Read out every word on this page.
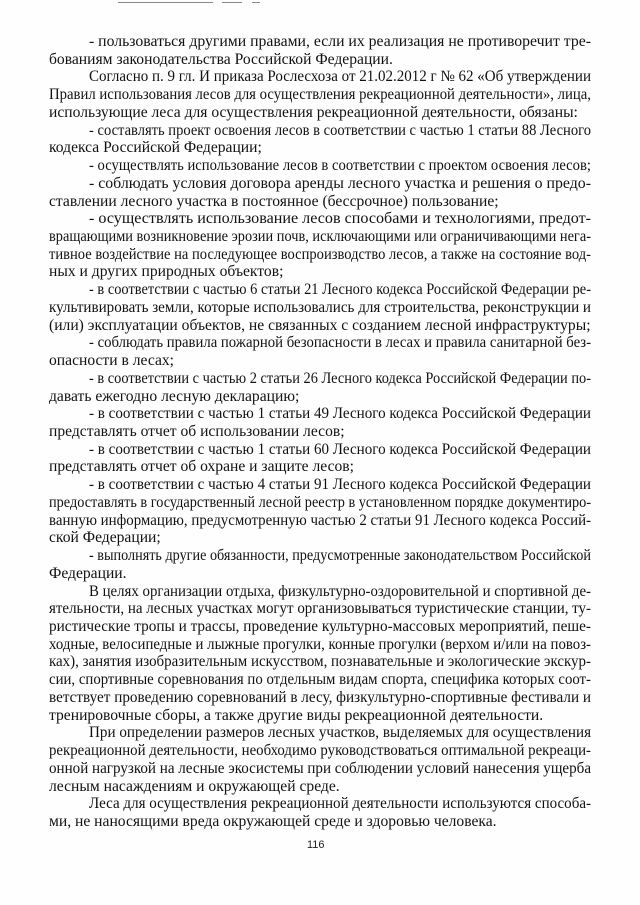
- пользоваться другими правами, если их реализация не противоречит тре-
бованиям законодательства Российской Федерации.
Согласно п. 9 гл. И приказа Рослесхоза от 21.02.2012 г № 62 «Об утверждении
Правил использования лесов для осуществления рекреационной деятельности», лица,
использующие леса для осуществления рекреационной деятельности, обязаны:
- составлять проект освоения лесов в соответствии с частью 1 статьи 88 Лесного
кодекса Российской Федерации;
- осуществлять использование лесов в соответствии с проектом освоения лесов;
- соблюдать условия договора аренды лесного участка и решения о предо-
ставлении лесного участка в постоянное (бессрочное) пользование;
- осуществлять использование лесов способами и технологиями, предот-
вращающими возникновение эрозии почв, исключающими или ограничивающими нега-
тивное воздействие на последующее воспроизводство лесов, а также на состояние вод-
ных и других природных объектов;
- в соответствии с частью 6 статьи 21 Лесного кодекса Российской Федерации ре-
культивировать земли, которые использовались для строительства, реконструкции и
(или) эксплуатации объектов, не связанных с созданием лесной инфраструктуры;
- соблюдать правила пожарной безопасности в лесах и правила санитарной без-
опасности в лесах;
- в соответствии с частью 2 статьи 26 Лесного кодекса Российской Федерации по-
давать ежегодно лесную декларацию;
- в соответствии с частью 1 статьи 49 Лесного кодекса Российской Федерации
представлять отчет об использовании лесов;
- в соответствии с частью 1 статьи 60 Лесного кодекса Российской Федерации
представлять отчет об охране и защите лесов;
- в соответствии с частью 4 статьи 91 Лесного кодекса Российской Федерации
предоставлять в государственный лесной реестр в установленном порядке документиро-
ванную информацию, предусмотренную частью 2 статьи 91 Лесного кодекса Россий-
ской Федерации;
- выполнять другие обязанности, предусмотренные законодательством Российской
Федерации.
В целях организации отдыха, физкультурно-оздоровительной и спортивной де-
ятельности, на лесных участках могут организовываться туристические станции, ту-
ристические тропы и трассы, проведение культурно-массовых мероприятий, пеше-
ходные, велосипедные и лыжные прогулки, конные прогулки (верхом и/или на повоз-
ках), занятия изобразительным искусством, познавательные и экологические экскур-
сии, спортивные соревнования по отдельным видам спорта, специфика которых соот-
ветствует проведению соревнований в лесу, физкультурно-спортивные фестивали и
тренировочные сборы, а также другие виды рекреационной деятельности.
При определении размеров лесных участков, выделяемых для осуществления
рекреационной деятельности, необходимо руководствоваться оптимальной рекреаци-
онной нагрузкой на лесные экосистемы при соблюдении условий нанесения ущерба
лесным насаждениям и окружающей среде.
Леса для осуществления рекреационной деятельности используются способа-
ми, не наносящими вреда окружающей среде и здоровью человека.
116
